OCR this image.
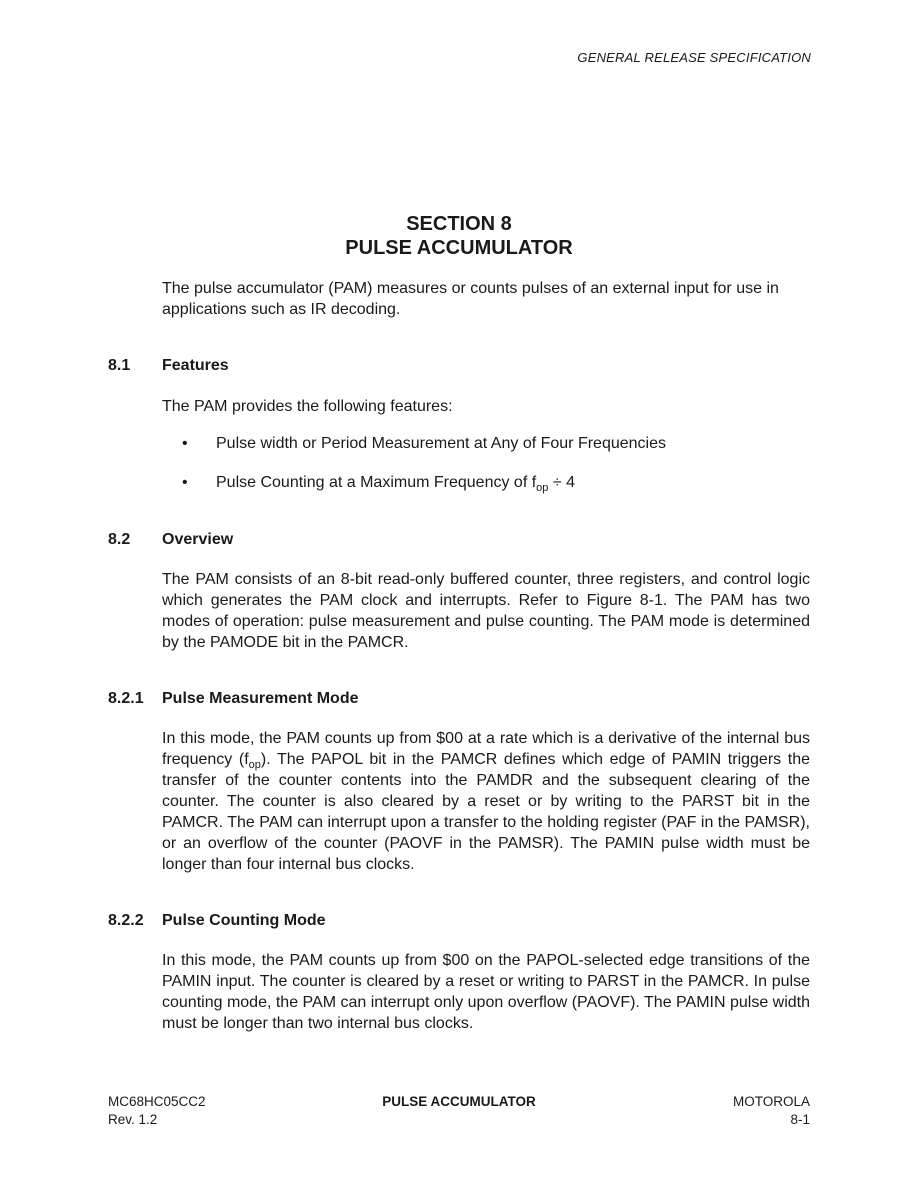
GENERAL RELEASE SPECIFICATION
SECTION 8
PULSE ACCUMULATOR

The pulse accumulator (PAM) measures or counts pulses of an external input for use in applications such as IR decoding.

8.1 Features

The PAM provides the following features:

• Pulse width or Period Measurement at Any of Four Frequencies
• Pulse Counting at a Maximum Frequency of $f_{op} \div 4$
8.2 Overview

The PAM consists of an 8-bit read-only buffered counter, three registers, and control logic which generates the PAM clock and interrupts. Refer to Figure 8-1. The PAM has two modes of operation: pulse measurement and pulse counting. The PAM mode is determined by the PAMODE bit in the PAMCR.

8.2.1 Pulse Measurement Mode

In this mode, the PAM counts up from $00 at a rate which is a derivative of the internal bus frequency $(f_{op})$. The PAPOL bit in the PAMCR defines which edge of PAMIN triggers the transfer of the counter contents into the PAMDR and the subsequent clearing of the counter. The counter is also cleared by a reset or by writing to the PARST bit in the PAMCR. The PAM can interrupt upon a transfer to the holding register (PAF in the PAMSR), or an overflow of the counter (PAOVF in the PAMSR). The PAMIN pulse width must be longer than four internal bus clocks.

8.2.2 Pulse Counting Mode

In this mode, the PAM counts up from $00 on the PAPOL-selected edge transitions of the PAMIN input. The counter is cleared by a reset or writing to PARST in the PAMCR. In pulse counting mode, the PAM can interrupt only upon overflow (PAOVF). The PAMIN pulse width must be longer than two internal bus clocks.

MC68HC05CC2
Rev. 1.2
PULSE ACCUMULATOR	MOTOROLA
8-1
